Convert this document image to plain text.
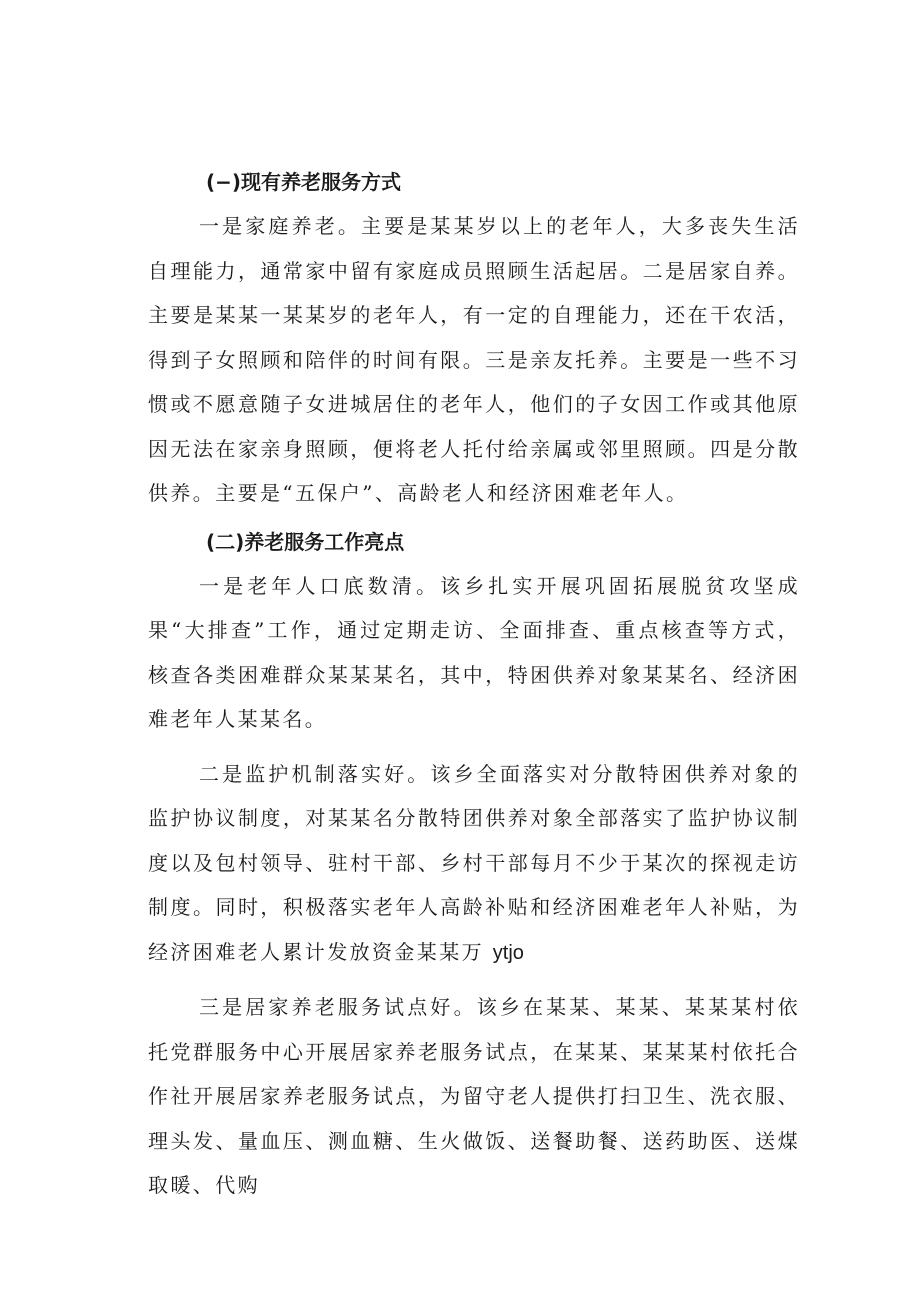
(−)现有养老服务方式

一是家庭养老。主要是某某岁以上的老年人，大多丧失生活自理能力，通常家中留有家庭成员照顾生活起居。二是居家自养。主要是某某一某某岁的老年人，有一定的自理能力，还在干农活，得到子女照顾和陪伴的时间有限。三是亲友托养。主要是一些不习惯或不愿意随子女进城居住的老年人，他们的子女因工作或其他原因无法在家亲身照顾，便将老人托付给亲属或邻里照顾。四是分散供养。主要是“五保户”、高龄老人和经济困难老年人。

(二)养老服务工作亮点

一是老年人口底数清。该乡扎实开展巩固拓展脱贫攻坚成果“大排查”工作，通过定期走访、全面排查、重点核查等方式，核查各类困难群众某某某名，其中，特困供养对象某某名、经济困难老年人某某名。

二是监护机制落实好。该乡全面落实对分散特困供养对象的监护协议制度，对某某名分散特团供养对象全部落实了监护协议制度以及包村领导、驻村干部、乡村干部每月不少于某次的探视走访制度。同时，积极落实老年人高龄补贴和经济困难老年人补贴，为经济困难老人累计发放资金某某万 ytjo

三是居家养老服务试点好。该乡在某某、某某、某某某村依托党群服务中心开展居家养老服务试点，在某某、某某某村依托合作社开展居家养老服务试点，为留守老人提供打扫卫生、洗衣服、理头发、量血压、测血糖、生火做饭、送餐助餐、送药助医、送煤取暖、代购
